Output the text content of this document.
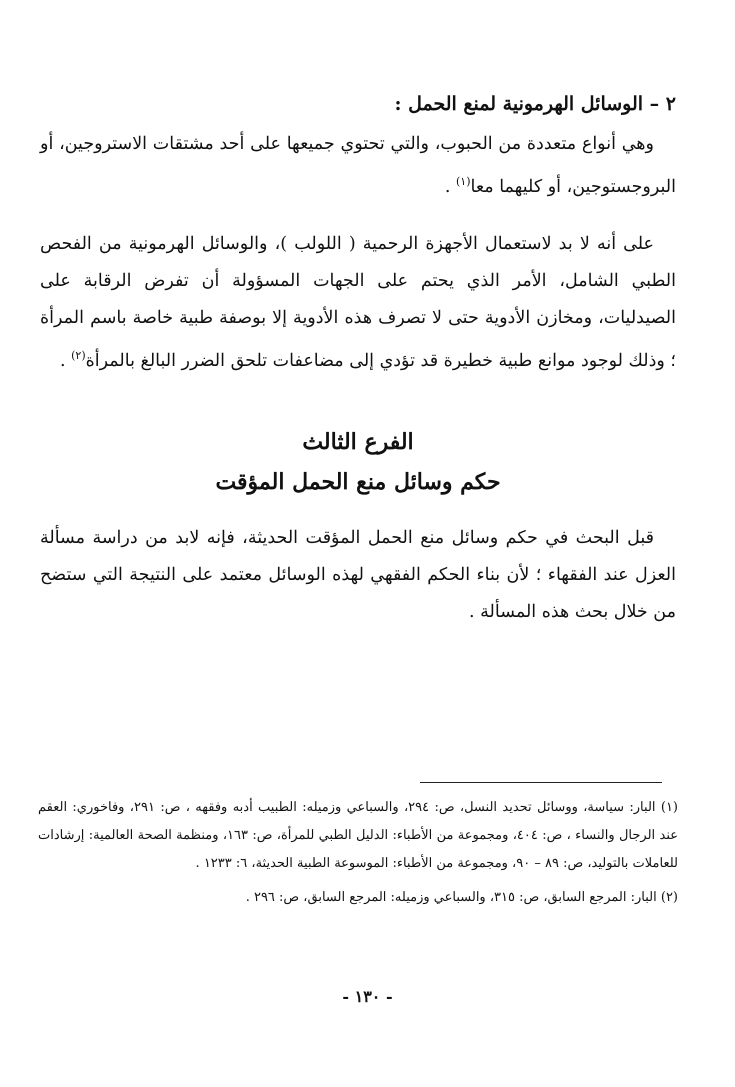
٢ – الوسائل الهرمونية لمنع الحمل :

وهي أنواع متعددة من الحبوب، والتي تحتوي جميعها على أحد مشتقات الاستروجين، أو البروجستوجين، أو كليهما معا$^{(١)}$ .

على أنه لا بد لاستعمال الأجهزة الرحمية ( اللولب )، والوسائل الهرمونية من الفحص الطبي الشامل، الأمر الذي يحتم على الجهات المسؤولة أن تفرض الرقابة على الصيدليات، ومخازن الأدوية حتى لا تصرف هذه الأدوية إلا بوصفة طبية خاصة باسم المرأة ؛ وذلك لوجود موانع طبية خطيرة قد تؤدي إلى مضاعفات تلحق الضرر البالغ بالمرأة$^{(٢)}$ .

الفرع الثالث
حكم وسائل منع الحمل المؤقت

قبل البحث في حكم وسائل منع الحمل المؤقت الحديثة، فإنه لابد من دراسة مسألة العزل عند الفقهاء ؛ لأن بناء الحكم الفقهي لهذه الوسائل معتمد على النتيجة التي ستضح من خلال بحث هذه المسألة .

(١) البار: سياسة، ووسائل تحديد النسل، ص: ٢٩٤، والسباعي وزميله: الطبيب أدبه وفقهه ، ص: ٢٩١، وفاخوري: العقم عند الرجال والنساء ، ص: ٤٠٤، ومجموعة من الأطباء: الدليل الطبي للمرأة، ص: ١٦٣، ومنظمة الصحة العالمية: إرشادات للعاملات بالتوليد، ص: ٨٩ – ٩٠، ومجموعة من الأطباء: الموسوعة الطبية الحديثة، ٦: ١٢٣٣ .

(٢) البار: المرجع السابق، ص: ٣١٥، والسباعي وزميله: المرجع السابق، ص: ٢٩٦ .

- ١٣٠ -
